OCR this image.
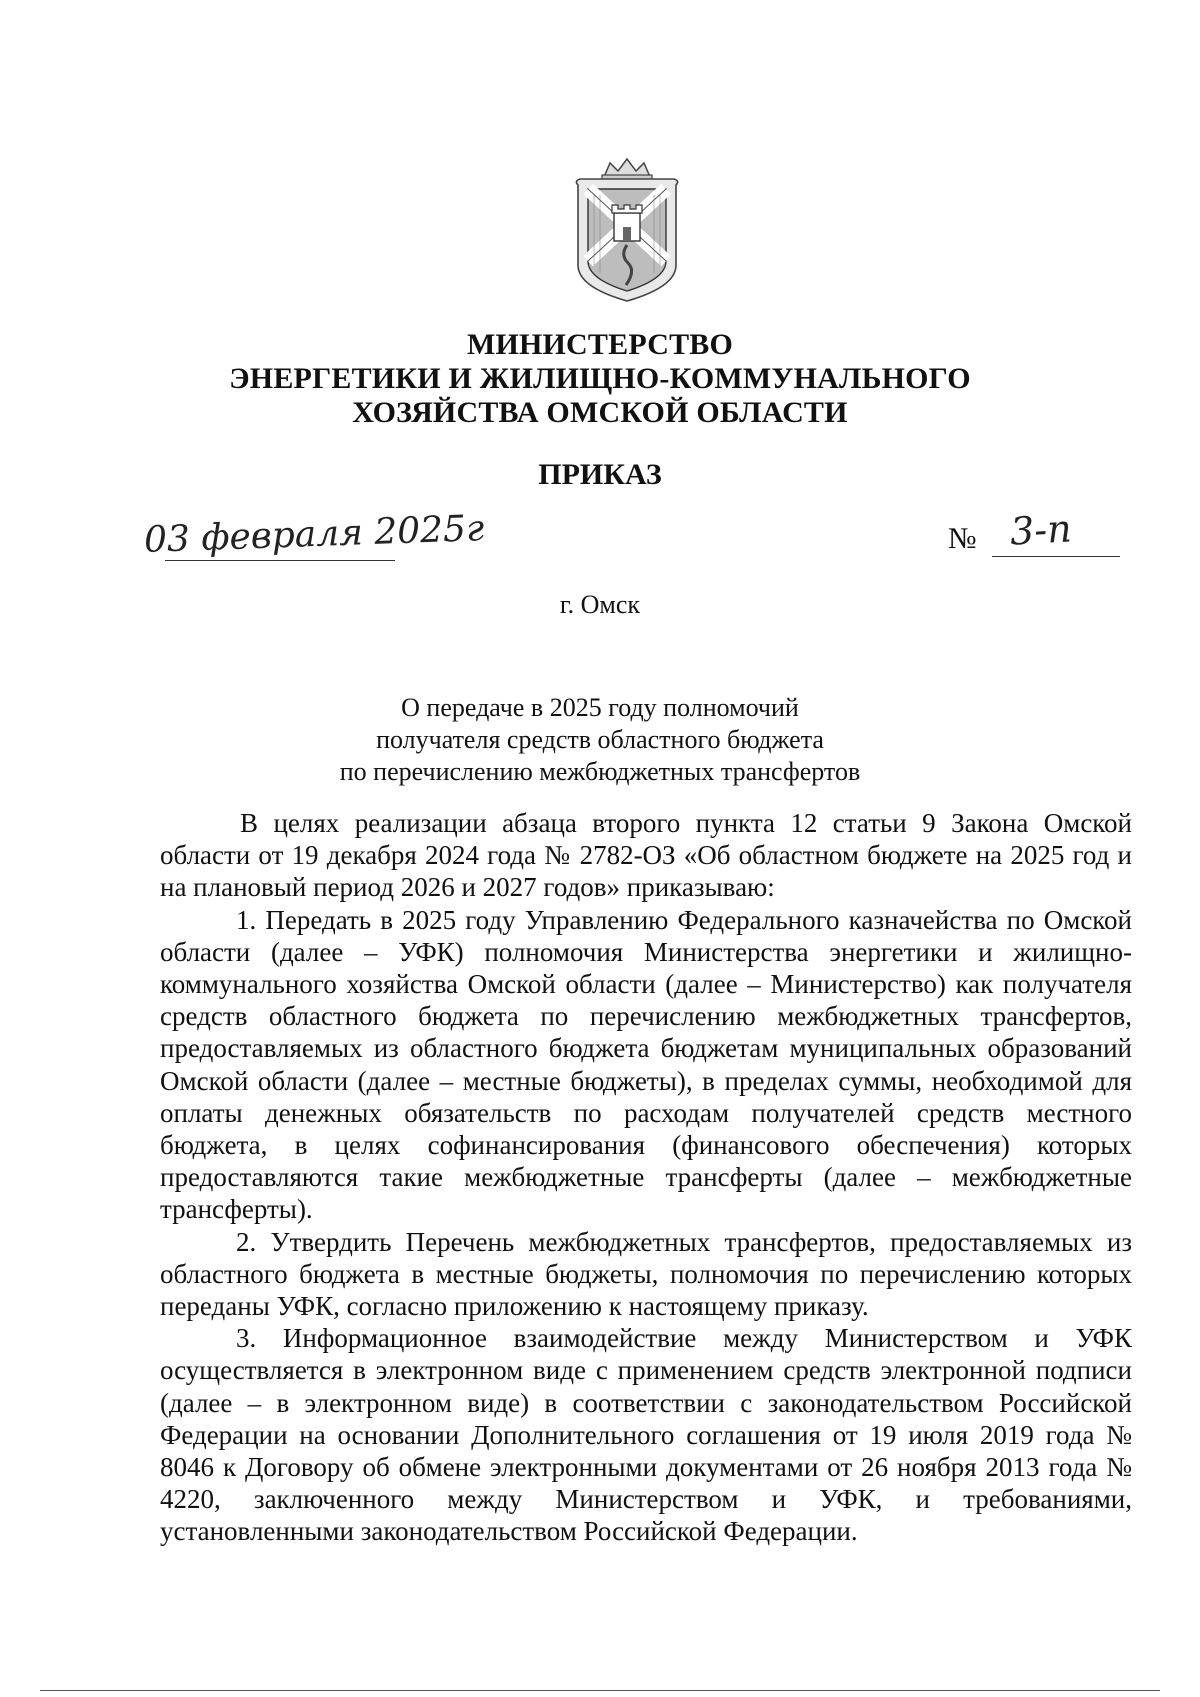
МИНИСТЕРСТВО
ЭНЕРГЕТИКИ И ЖИЛИЩНО-КОММУНАЛЬНОГО
ХОЗЯЙСТВА ОМСКОЙ ОБЛАСТИ
ПРИКАЗ
03 февраля 2025г	№ 3-п
г. Омск
О передаче в 2025 году полномочий
получателя средств областного бюджета
по перечислению межбюджетных трансфертов

В целях реализации абзаца второго пункта 12 статьи 9 Закона Омской области от 19 декабря 2024 года № 2782-ОЗ «Об областном бюджете на 2025 год и на плановый период 2026 и 2027 годов» приказываю:

1. Передать в 2025 году Управлению Федерального казначейства по Омской области (далее – УФК) полномочия Министерства энергетики и жилищно-коммунального хозяйства Омской области (далее – Министерство) как получателя средств областного бюджета по перечислению межбюджетных трансфертов, предоставляемых из областного бюджета бюджетам муниципальных образований Омской области (далее – местные бюджеты), в пределах суммы, необходимой для оплаты денежных обязательств по расходам получателей средств местного бюджета, в целях софинансирования (финансового обеспечения) которых предоставляются такие межбюджетные трансферты (далее – межбюджетные трансферты).

2. Утвердить Перечень межбюджетных трансфертов, предоставляемых из областного бюджета в местные бюджеты, полномочия по перечислению которых переданы УФК, согласно приложению к настоящему приказу.

3. Информационное взаимодействие между Министерством и УФК осуществляется в электронном виде с применением средств электронной подписи (далее – в электронном виде) в соответствии с законодательством Российской Федерации на основании Дополнительного соглашения от 19 июля 2019 года № 8046 к Договору об обмене электронными документами от 26 ноября 2013 года № 4220, заключенного между Министерством и УФК, и требованиями, установленными законодательством Российской Федерации.
